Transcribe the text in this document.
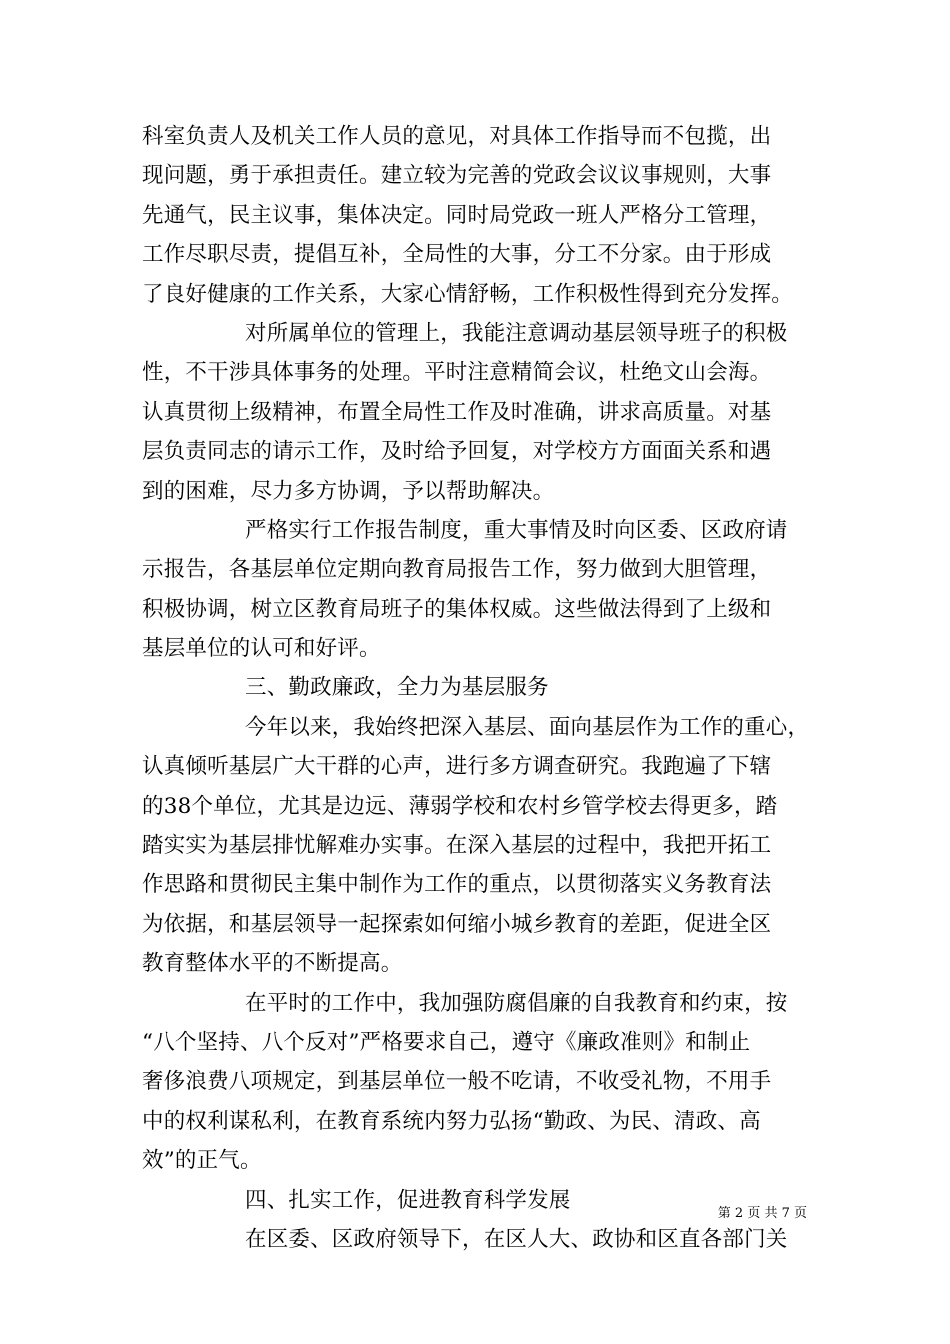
科室负责人及机关工作人员的意见，对具体工作指导而不包揽，出
现问题，勇于承担责任。建立较为完善的党政会议议事规则，大事
先通气，民主议事，集体决定。同时局党政一班人严格分工管理，
工作尽职尽责，提倡互补，全局性的大事，分工不分家。由于形成
了良好健康的工作关系，大家心情舒畅，工作积极性得到充分发挥。
对所属单位的管理上，我能注意调动基层领导班子的积极
性，不干涉具体事务的处理。平时注意精简会议，杜绝文山会海。
认真贯彻上级精神，布置全局性工作及时准确，讲求高质量。对基
层负责同志的请示工作，及时给予回复，对学校方方面面关系和遇
到的困难，尽力多方协调，予以帮助解决。
严格实行工作报告制度，重大事情及时向区委、区政府请
示报告，各基层单位定期向教育局报告工作，努力做到大胆管理，
积极协调，树立区教育局班子的集体权威。这些做法得到了上级和
基层单位的认可和好评。
三、勤政廉政，全力为基层服务
今年以来，我始终把深入基层、面向基层作为工作的重心，
认真倾听基层广大干群的心声，进行多方调查研究。我跑遍了下辖
的38个单位，尤其是边远、薄弱学校和农村乡管学校去得更多，踏
踏实实为基层排忧解难办实事。在深入基层的过程中，我把开拓工
作思路和贯彻民主集中制作为工作的重点，以贯彻落实义务教育法
为依据，和基层领导一起探索如何缩小城乡教育的差距，促进全区
教育整体水平的不断提高。
在平时的工作中，我加强防腐倡廉的自我教育和约束，按
“八个坚持、八个反对”严格要求自己，遵守《廉政准则》和制止
奢侈浪费八项规定，到基层单位一般不吃请，不收受礼物，不用手
中的权利谋私利，在教育系统内努力弘扬“勤政、为民、清政、高
效”的正气。
四、扎实工作，促进教育科学发展
在区委、区政府领导下，在区人大、政协和区直各部门关
第 2 页 共 7 页
